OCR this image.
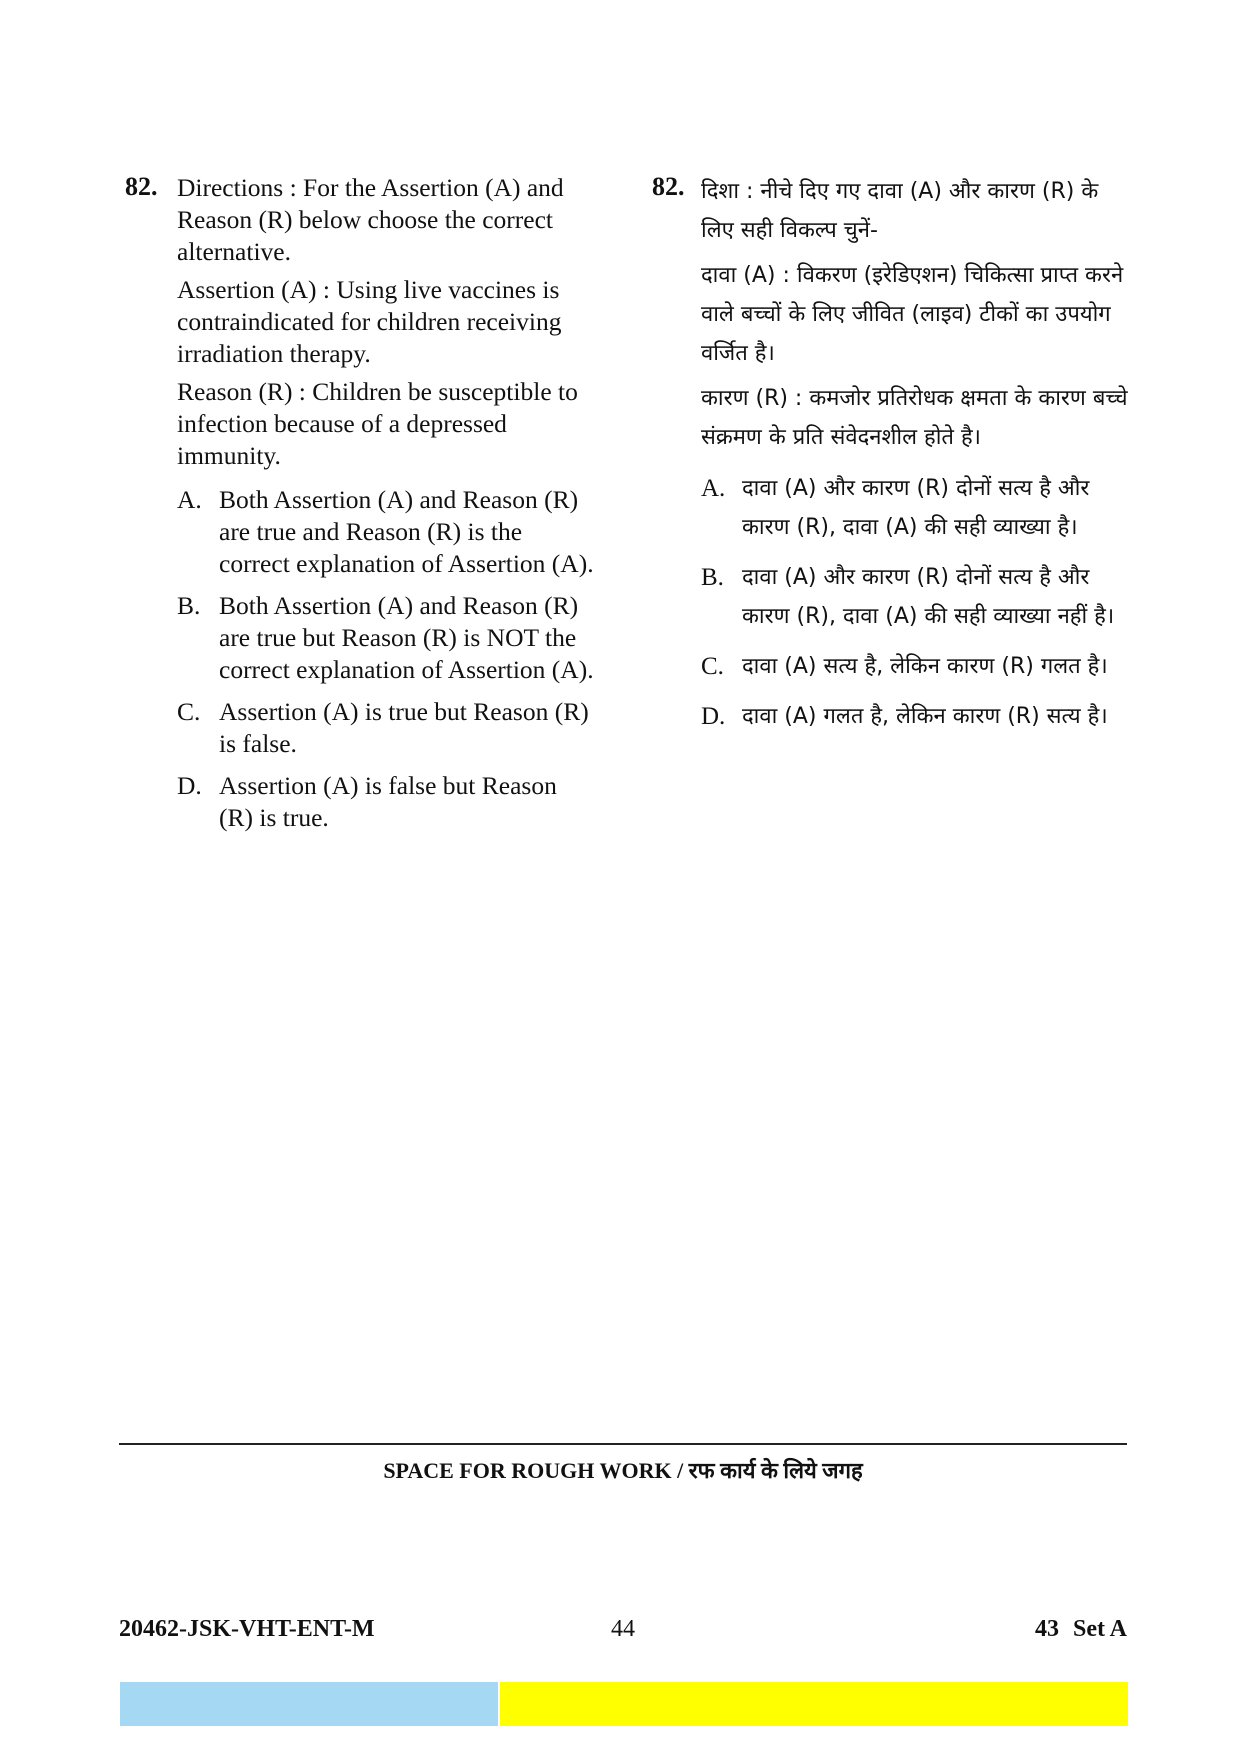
82. Directions : For the Assertion (A) and Reason (R) below choose the correct alternative.

Assertion (A) : Using live vaccines is contraindicated for children receiving irradiation therapy.

Reason (R) : Children be susceptible to infection because of a depressed immunity.

A. Both Assertion (A) and Reason (R) are true and Reason (R) is the correct explanation of Assertion (A).
B. Both Assertion (A) and Reason (R) are true but Reason (R) is NOT the correct explanation of Assertion (A).
C. Assertion (A) is true but Reason (R) is false.
D. Assertion (A) is false but Reason (R) is true.
82. दिशा : नीचे दिए गए दावा (A) और कारण (R) के लिए सही विकल्प चुनें-

दावा (A) : विकरण (इरेडिएशन) चिकित्सा प्राप्त करने वाले बच्चों के लिए जीवित (लाइव) टीकों का उपयोग वर्जित है।

कारण (R) : कमजोर प्रतिरोधक क्षमता के कारण बच्चे संक्रमण के प्रति संवेदनशील होते है।

A. दावा (A) और कारण (R) दोनों सत्य है और कारण (R), दावा (A) की सही व्याख्या है।
B. दावा (A) और कारण (R) दोनों सत्य है और कारण (R), दावा (A) की सही व्याख्या नहीं है।
C. दावा (A) सत्य है, लेकिन कारण (R) गलत है।
D. दावा (A) गलत है, लेकिन कारण (R) सत्य है।
SPACE FOR ROUGH WORK / रफ कार्य के लिये जगह
44
20462-JSK-VHT-ENT-M	43 Set A
